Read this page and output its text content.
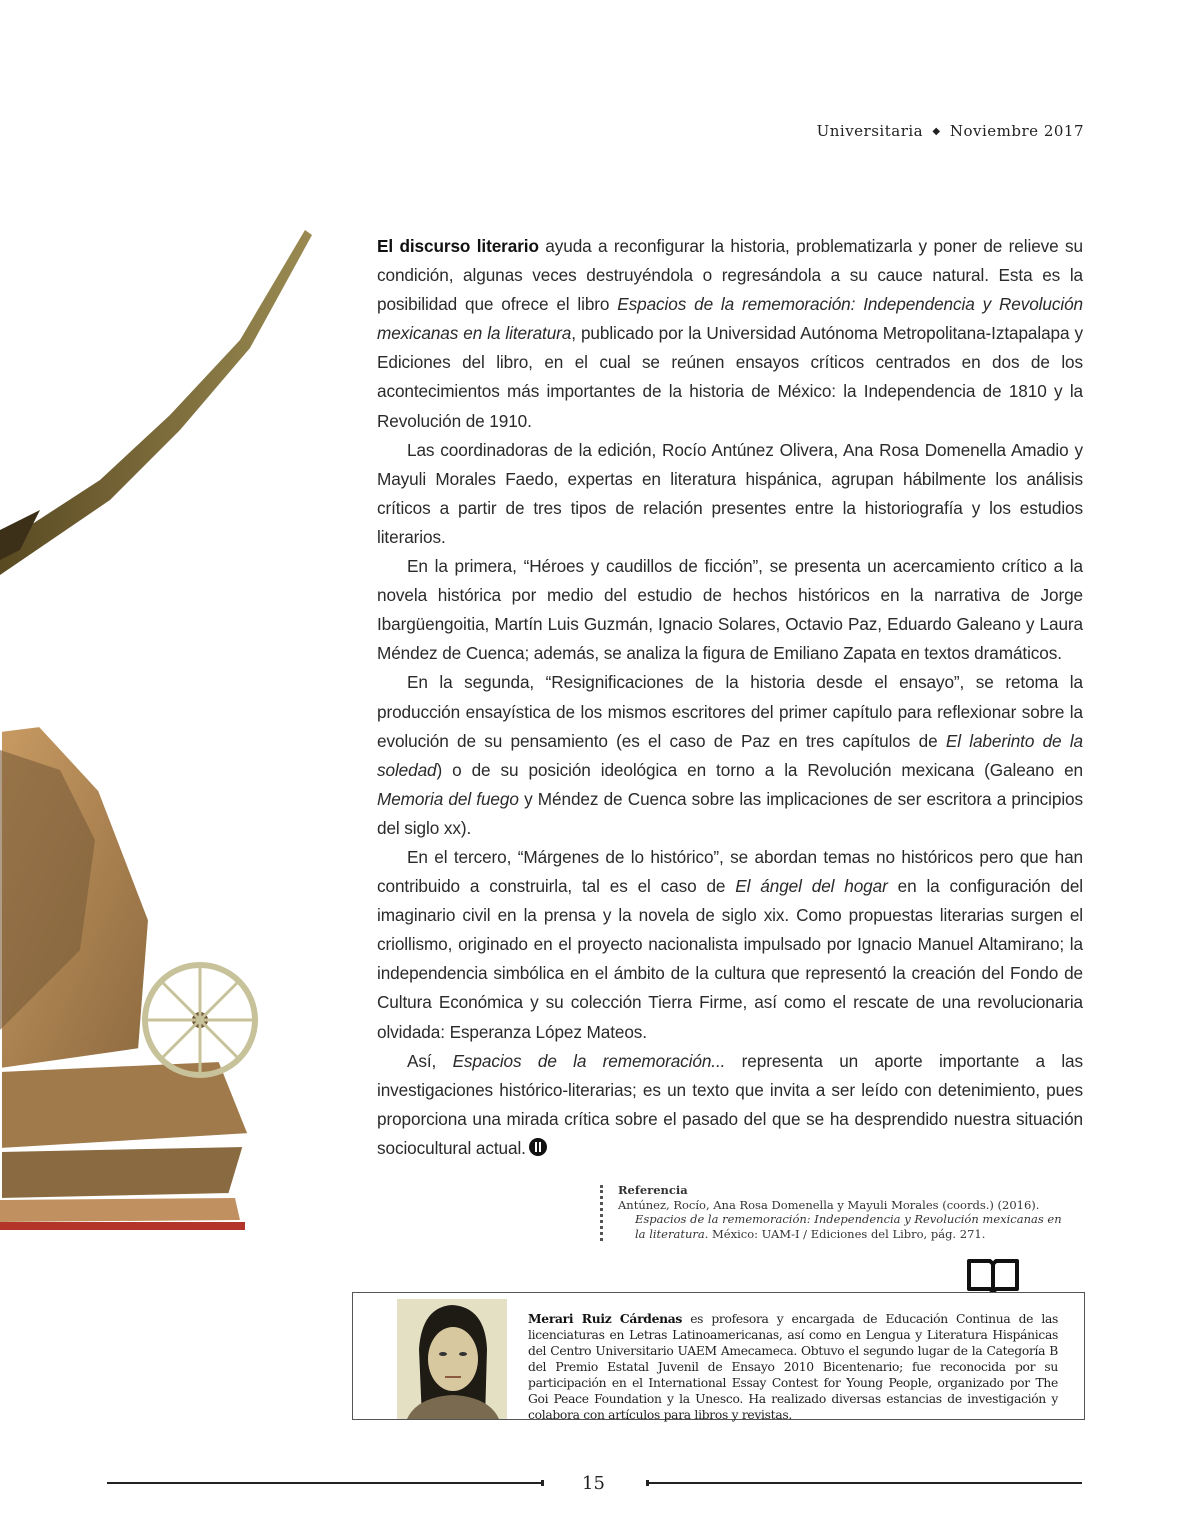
Universitaria ◆ Noviembre 2017

El discurso literario ayuda a reconfigurar la historia, problematizarla y poner de relieve su condición, algunas veces destruyéndola o regresándola a su cauce natural. Esta es la posibilidad que ofrece el libro Espacios de la rememoración: Independencia y Revolución mexicanas en la literatura, publicado por la Universidad Autónoma Metropolitana-Iztapalapa y Ediciones del libro, en el cual se reúnen ensayos críticos centrados en dos de los acontecimientos más importantes de la historia de México: la Independencia de 1810 y la Revolución de 1910.

Las coordinadoras de la edición, Rocío Antúnez Olivera, Ana Rosa Domenella Amadio y Mayuli Morales Faedo, expertas en literatura hispánica, agrupan hábilmente los análisis críticos a partir de tres tipos de relación presentes entre la historiografía y los estudios literarios.

En la primera, “Héroes y caudillos de ficción”, se presenta un acercamiento crítico a la novela histórica por medio del estudio de hechos históricos en la narrativa de Jorge Ibargüengoitia, Martín Luis Guzmán, Ignacio Solares, Octavio Paz, Eduardo Galeano y Laura Méndez de Cuenca; además, se analiza la figura de Emiliano Zapata en textos dramáticos.

En la segunda, “Resignificaciones de la historia desde el ensayo”, se retoma la producción ensayística de los mismos escritores del primer capítulo para reflexionar sobre la evolución de su pensamiento (es el caso de Paz en tres capítulos de El laberinto de la soledad) o de su posición ideológica en torno a la Revolución mexicana (Galeano en Memoria del fuego y Méndez de Cuenca sobre las implicaciones de ser escritora a principios del siglo xx).

En el tercero, “Márgenes de lo histórico”, se abordan temas no históricos pero que han contribuido a construirla, tal es el caso de El ángel del hogar en la configuración del imaginario civil en la prensa y la novela de siglo xix. Como propuestas literarias surgen el criollismo, originado en el proyecto nacionalista impulsado por Ignacio Manuel Altamirano; la independencia simbólica en el ámbito de la cultura que representó la creación del Fondo de Cultura Económica y su colección Tierra Firme, así como el rescate de una revolucionaria olvidada: Esperanza López Mateos.

Así, Espacios de la rememoración... representa un aporte importante a las investigaciones histórico-literarias; es un texto que invita a ser leído con detenimiento, pues proporciona una mirada crítica sobre el pasado del que se ha desprendido nuestra situación sociocultural actual.

Referencia
Antúnez, Rocío, Ana Rosa Domenella y Mayuli Morales (coords.) (2016).
Espacios de la rememoración: Independencia y Revolución mexicanas en la literatura. México: UAM-I / Ediciones del Libro, pág. 271.
Merari Ruiz Cárdenas es profesora y encargada de Educación Continua de las licenciaturas en Letras Latinoamericanas, así como en Lengua y Literatura Hispánicas del Centro Universitario UAEM Amecameca. Obtuvo el segundo lugar de la Categoría B del Premio Estatal Juvenil de Ensayo 2010 Bicentenario; fue reconocida por su participación en el International Essay Contest for Young People, organizado por The Goi Peace Foundation y la Unesco. Ha realizado diversas estancias de investigación y colabora con artículos para libros y revistas.
15
